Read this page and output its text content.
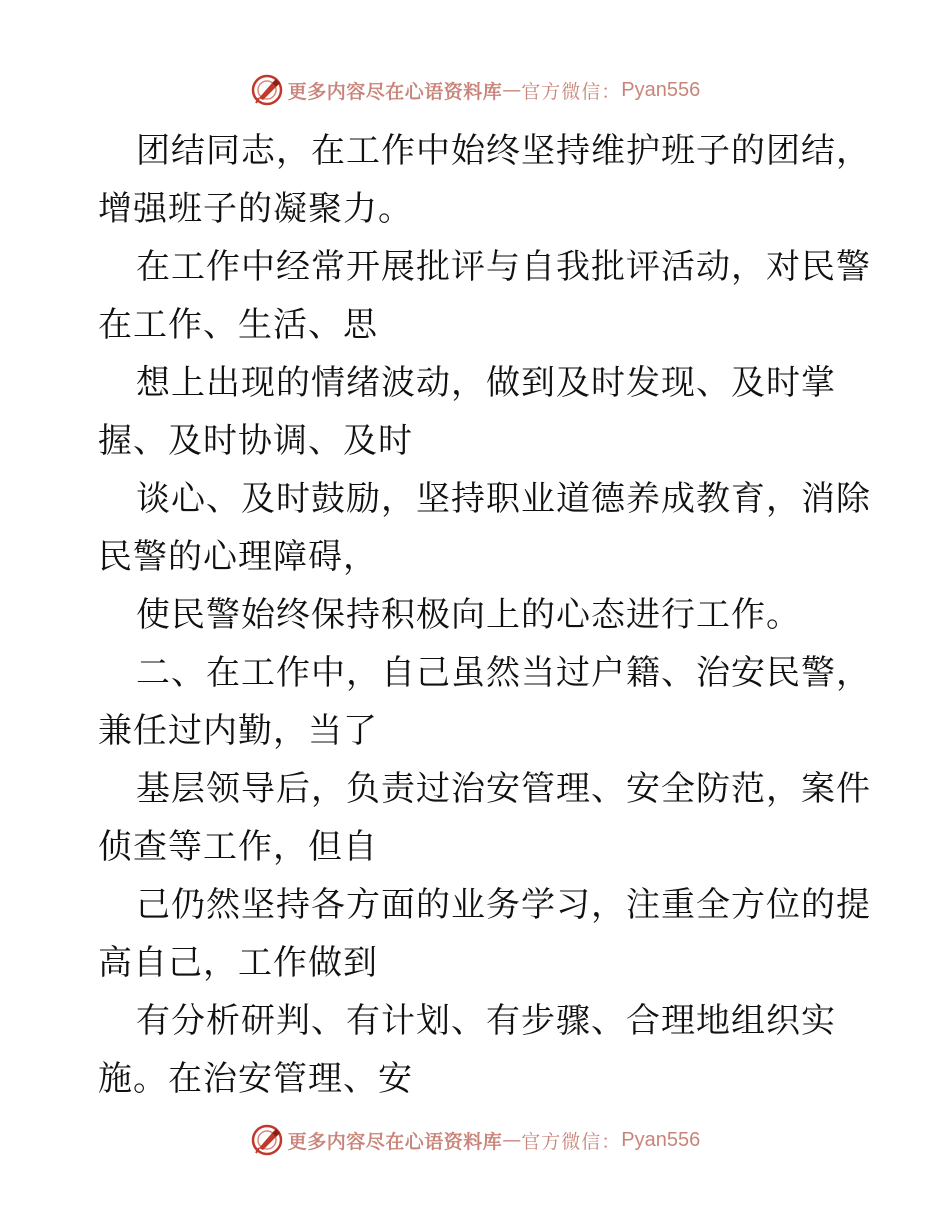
更多内容尽在心语资料库 — 官方微信： Pyan556
团结同志，在工作中始终坚持维护班子的团结，
增强班子的凝聚力。
在工作中经常开展批评与自我批评活动，对民警
在工作、生活、思
想上出现的情绪波动，做到及时发现、及时掌
握、及时协调、及时
谈心、及时鼓励，坚持职业道德养成教育，消除
民警的心理障碍，
使民警始终保持积极向上的心态进行工作。
二、在工作中，自己虽然当过户籍、治安民警，
兼任过内勤，当了
基层领导后，负责过治安管理、安全防范，案件
侦查等工作，但自
己仍然坚持各方面的业务学习，注重全方位的提
高自己，工作做到
有分析研判、有计划、有步骤、合理地组织实
施。在治安管理、安
更多内容尽在心语资料库 — 官方微信： Pyan556
